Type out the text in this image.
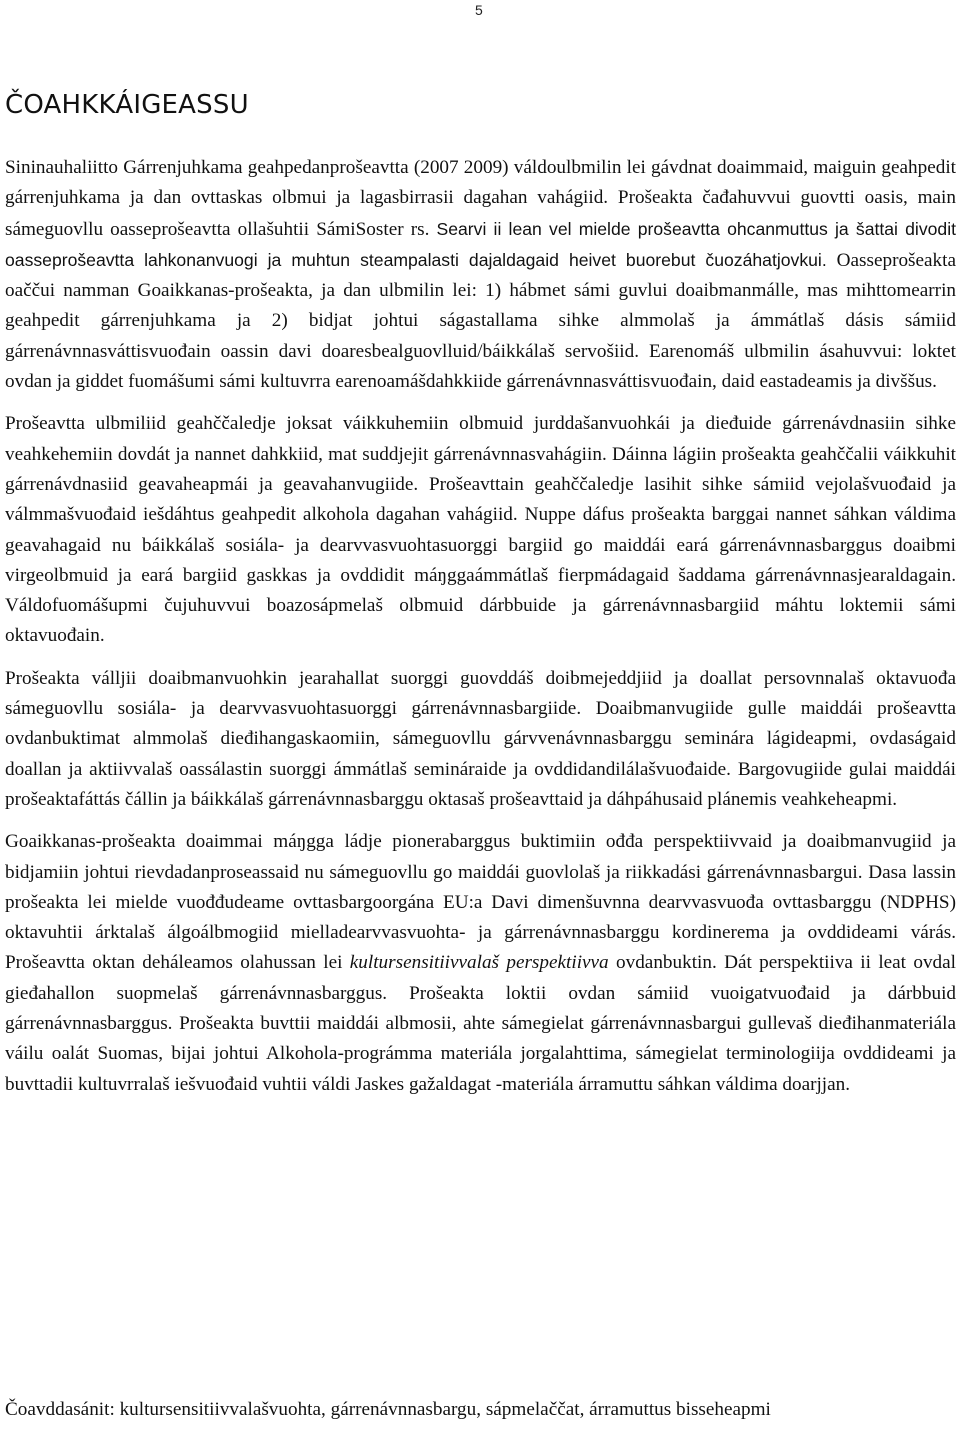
5
ČOAHKKÁIGEASSU

Sininauhaliitto Gárrenjuhkama geahpedanprošeavtta (2007 2009) váldoulbmilin lei gávdnat doaimmaid, maiguin geahpedit gárrenjuhkama ja dan ovttaskas olbmui ja lagasbirrasii dagahan vahágiid. Prošeakta čađahuvvui guovtti oasis, main sámeguovllu oasseprošeavtta ollašuhtii SámiSoster rs. Searvi ii lean vel mielde prošeavtta ohcanmuttus ja šattai divodit oasseprošeavtta lahkonanvuogi ja muhtun steampalasti dajaldagaid heivet buorebut čuozáhatjovkui. Oasseprošeakta oaččui namman Goaikkanas-prošeakta, ja dan ulbmilin lei: 1) hábmet sámi guvlui doaibmanmálle, mas mihttomearrin geahpedit gárrenjuhkama ja 2) bidjat johtui ságastallama sihke almmolaš ja ámmátlaš dásis sámiid gárrenávnnasváttisvuođain oassin davi doaresbealguovlluid/báikkálaš servošiid. Earenomáš ulbmilin ásahuvvui: loktet ovdan ja giddet fuomášumi sámi kultuvrra earenoamášdahkkiide gárrenávnnasváttisvuođain, daid eastadeamis ja divššus.

Prošeavtta ulbmiliid geahččaledje joksat váikkuhemiin olbmuid jurddašanvuohkái ja dieđuide gárrenávdnasiin sihke veahkehemiin dovdát ja nannet dahkkiid, mat suddjejit gárrenávnnasvahágiin. Dáinna lágiin prošeakta geahččalii váikkuhit gárrenávdnasiid geavaheapmái ja geavahanvugiide. Prošeavttain geahččaledje lasihit sihke sámiid vejolašvuođaid ja válmmašvuođaid iešdáhtus geahpedit alkohola dagahan vahágiid. Nuppe dáfus prošeakta barggai nannet sáhkan váldima geavahagaid nu báikkálaš sosiála- ja dearvvasvuohtasuorggi bargiid go maiddái eará gárrenávnnasbarggus doaibmi virgeolbmuid ja eará bargiid gaskkas ja ovddidit máŋggaámmátlaš fierpmádagaid šaddama gárrenávnnasjearaldagain. Váldofuomášupmi čujuhuvvui boazosápmelaš olbmuid dárbbuide ja gárrenávnnasbargiid máhtu loktemii sámi oktavuođain.

Prošeakta válljii doaibmanvuohkin jearahallat suorggi guovddáš doibmejeddjiid ja doallat persovnnalaš oktavuođa sámeguovllu sosiála- ja dearvvasvuohtasuorggi gárrenávnnasbargiide. Doaibmanvugiide gulle maiddái prošeavtta ovdanbuktimat almmolaš dieđihangaskaomiin, sámeguovllu gárvvenávnnasbarggu seminára lágideapmi, ovdaságaid doallan ja aktiivvalaš oassálastin suorggi ámmátlaš semináraide ja ovddidandilálašvuođaide. Bargovugiide gulai maiddái prošeaktafáttás čállin ja báikkálaš gárrenávnnasbarggu oktasaš prošeavttaid ja dáhpáhusaid plánemis veahkeheapmi.

Goaikkanas-prošeakta doaimmai máŋgga ládje pionerabarggus buktimiin ođđa perspektiivvaid ja doaibmanvugiid ja bidjamiin johtui rievdadanproseassaid nu sámeguovllu go maiddái guovlolaš ja riikkadási gárrenávnnasbargui. Dasa lassin prošeakta lei mielde vuođđudeame ovttasbargoorgána EU:a Davi dimenšuvnna dearvvasvuođa ovttasbarggu (NDPHS) oktavuhtii árktalaš álgoálbmogiid mielladearvvasvuohta- ja gárrenávnnasbarggu kordinerema ja ovddideami várás. Prošeavtta oktan deháleamos olahussan lei kultursensitiivvalaš perspektiivva ovdanbuktin. Dát perspektiiva ii leat ovdal gieđahallon suopmelaš gárrenávnnasbarggus. Prošeakta loktii ovdan sámiid vuoigatvuođaid ja dárbbuid gárrenávnnasbarggus. Prošeakta buvttii maiddái albmosii, ahte sámegielat gárrenávnnasbargui gullevaš dieđihanmateriála váilu oalát Suomas, bijai johtui Alkohola-prográmma materiála jorgalahttima, sámegielat terminologiija ovddideami ja buvttadii kultuvrralaš iešvuođaid vuhtii váldi Jaskes gažaldagat -materiála árramuttu sáhkan váldima doarjjan.

Čoavddasánit: kultursensitiivvalašvuohta, gárrenávnnasbargu, sápmelaččat, árramuttus bisseheapmi
